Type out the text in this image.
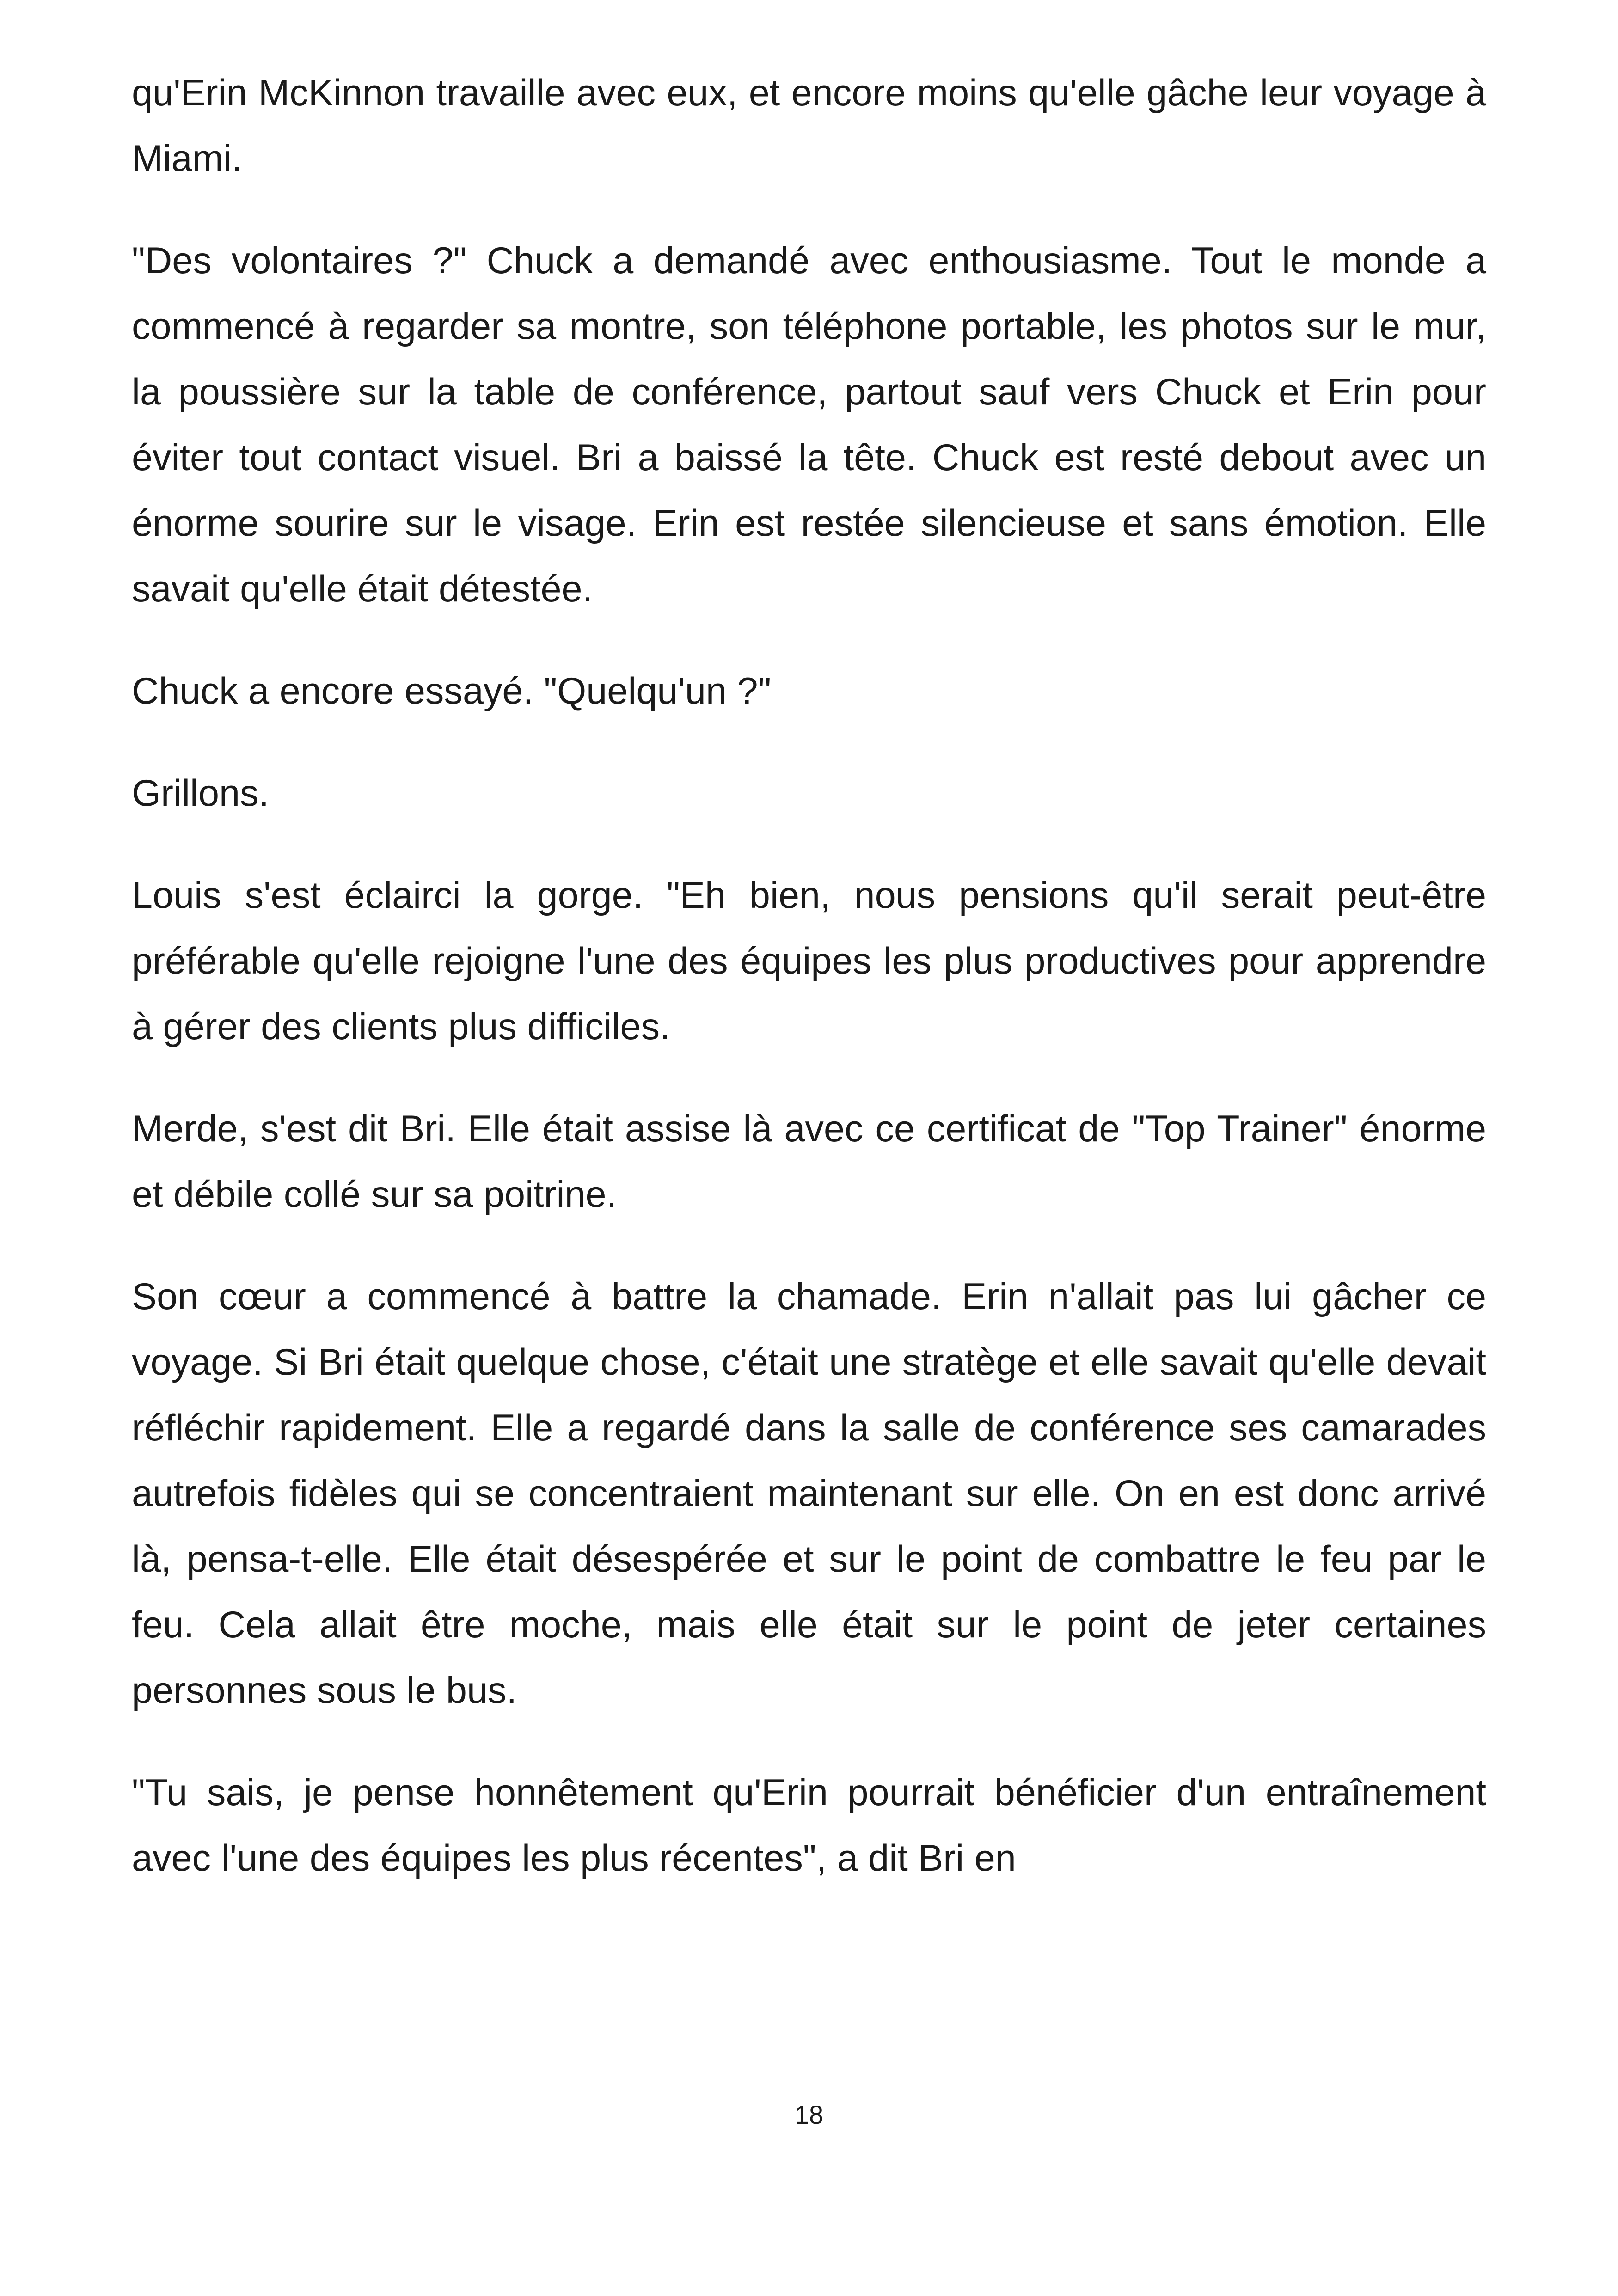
qu'Erin McKinnon travaille avec eux, et encore moins qu'elle gâche leur voyage à Miami.

"Des volontaires ?" Chuck a demandé avec enthousiasme. Tout le monde a commencé à regarder sa montre, son téléphone portable, les photos sur le mur, la poussière sur la table de conférence, partout sauf vers Chuck et Erin pour éviter tout contact visuel. Bri a baissé la tête. Chuck est resté debout avec un énorme sourire sur le visage. Erin est restée silencieuse et sans émotion. Elle savait qu'elle était détestée.

Chuck a encore essayé. "Quelqu'un ?"

Grillons.

Louis s'est éclairci la gorge. "Eh bien, nous pensions qu'il serait peut-être préférable qu'elle rejoigne l'une des équipes les plus productives pour apprendre à gérer des clients plus difficiles.

Merde, s'est dit Bri. Elle était assise là avec ce certificat de "Top Trainer" énorme et débile collé sur sa poitrine.

Son cœur a commencé à battre la chamade. Erin n'allait pas lui gâcher ce voyage. Si Bri était quelque chose, c'était une stratège et elle savait qu'elle devait réfléchir rapidement. Elle a regardé dans la salle de conférence ses camarades autrefois fidèles qui se concentraient maintenant sur elle. On en est donc arrivé là, pensa-t-elle. Elle était désespérée et sur le point de combattre le feu par le feu. Cela allait être moche, mais elle était sur le point de jeter certaines personnes sous le bus.

"Tu sais, je pense honnêtement qu'Erin pourrait bénéficier d'un entraînement avec l'une des équipes les plus récentes", a dit Bri en

18
